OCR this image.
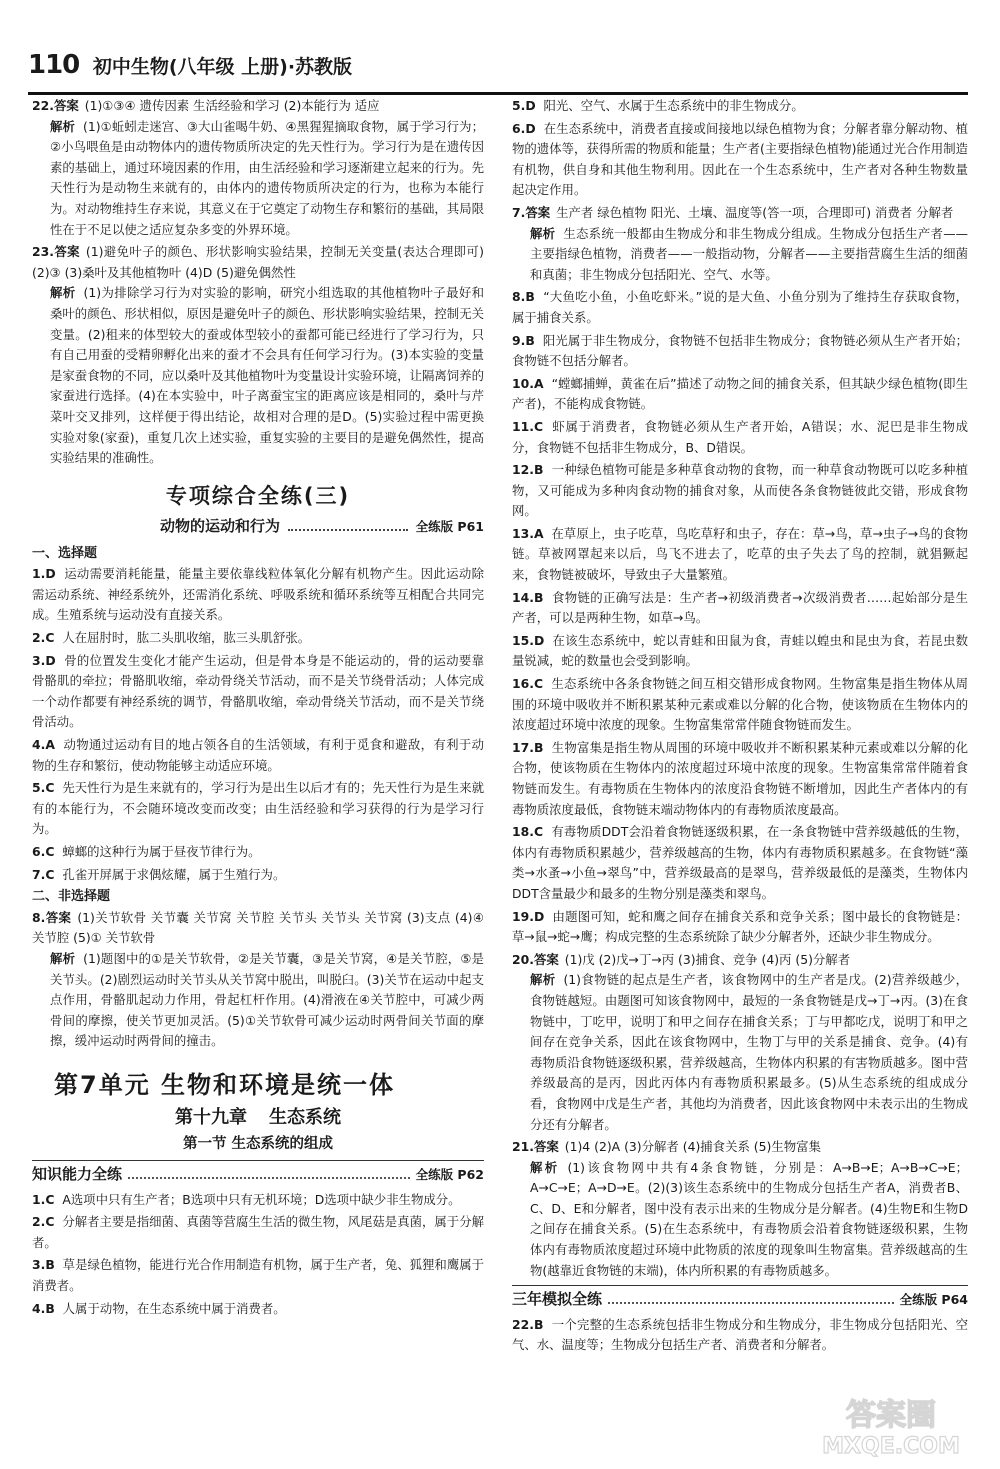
110 初中生物(八年级 上册)·苏教版
22.答案 (1)①③④ 遗传因素 生活经验和学习 (2)本能行为 适应
解析 (1)①蚯蚓走迷宫、③大山雀喝牛奶、④黑猩猩摘取食物，属于学习行为；②小鸟喂鱼是由动物体内的遗传物质所决定的先天性行为。学习行为是在遗传因素的基础上，通过环境因素的作用，由生活经验和学习逐渐建立起来的行为。先天性行为是动物生来就有的，由体内的遗传物质所决定的行为，也称为本能行为。对动物维持生存来说，其意义在于它奠定了动物生存和繁衍的基础，其局限性在于不足以使之适应复杂多变的外界环境。
23.答案 (1)避免叶子的颜色、形状影响实验结果，控制无关变量(表达合理即可) (2)③ (3)桑叶及其他植物叶 (4)D (5)避免偶然性
解析 (1)为排除学习行为对实验的影响，研究小组选取的其他植物叶子最好和桑叶的颜色、形状相似，原因是避免叶子的颜色、形状影响实验结果，控制无关变量。(2)租来的体型较大的蚕或体型较小的蚕都可能已经进行了学习行为，只有自己用蚕的受精卵孵化出来的蚕才不会具有任何学习行为。(3)本实验的变量是家蚕食物的不同，应以桑叶及其他植物叶为变量设计实验环境，让隔离饲养的家蚕进行选择。(4)在本实验中，叶子离蚕宝宝的距离应该是相同的，桑叶与芹菜叶交叉排列，这样便于得出结论，故相对合理的是D。(5)实验过程中需更换实验对象(家蚕)，重复几次上述实验，重复实验的主要目的是避免偶然性，提高实验结果的准确性。
专项综合全练(三)
动物的运动和行为	全练版 P61
一、选择题
1.D 运动需要消耗能量，能量主要依靠线粒体氧化分解有机物产生。因此运动除需运动系统、神经系统外，还需消化系统、呼吸系统和循环系统等互相配合共同完成。生殖系统与运动没有直接关系。
2.C 人在屈肘时，肱二头肌收缩，肱三头肌舒张。
3.D 骨的位置发生变化才能产生运动，但是骨本身是不能运动的，骨的运动要靠骨骼肌的牵拉；骨骼肌收缩，牵动骨绕关节活动，而不是关节绕骨活动；人体完成一个动作都要有神经系统的调节，骨骼肌收缩，牵动骨绕关节活动，而不是关节绕骨活动。
4.A 动物通过运动有目的地占领各自的生活领域，有利于觅食和避敌，有利于动物的生存和繁衍，使动物能够主动适应环境。
5.C 先天性行为是生来就有的，学习行为是出生以后才有的；先天性行为是生来就有的本能行为，不会随环境改变而改变；由生活经验和学习获得的行为是学习行为。
6.C 蟑螂的这种行为属于昼夜节律行为。
7.C 孔雀开屏属于求偶炫耀，属于生殖行为。
二、非选择题
8.答案 (1)关节软骨 关节囊 关节窝 关节腔 关节头 关节头 关节窝 (3)支点 (4)④ 关节腔 (5)① 关节软骨
解析 (1)题图中的①是关节软骨，②是关节囊，③是关节窝，④是关节腔，⑤是关节头。(2)剧烈运动时关节头从关节窝中脱出，叫脱臼。(3)关节在运动中起支点作用，骨骼肌起动力作用，骨起杠杆作用。(4)滑液在④关节腔中，可减少两骨间的摩擦，使关节更加灵活。(5)①关节软骨可减少运动时两骨间关节面的摩擦，缓冲运动时两骨间的撞击。
第7单元 生物和环境是统一体
第十九章 生态系统
第一节 生态系统的组成
知识能力全练	全练版 P62
1.C A选项中只有生产者；B选项中只有无机环境；D选项中缺少非生物成分。
2.C 分解者主要是指细菌、真菌等营腐生生活的微生物，风尾菇是真菌，属于分解者。
3.B 草是绿色植物，能进行光合作用制造有机物，属于生产者，兔、狐狸和鹰属于消费者。
4.B 人属于动物，在生态系统中属于消费者。
5.D 阳光、空气、水属于生态系统中的非生物成分。
6.D 在生态系统中，消费者直接或间接地以绿色植物为食；分解者靠分解动物、植物的遗体等，获得所需的物质和能量；生产者(主要指绿色植物)能通过光合作用制造有机物，供自身和其他生物利用。因此在一个生态系统中，生产者对各种生物数量起决定作用。
7.答案 生产者 绿色植物 阳光、土壤、温度等(答一项，合理即可) 消费者 分解者
解析 生态系统一般都由生物成分和非生物成分组成。生物成分包括生产者——主要指绿色植物，消费者——一般指动物，分解者——主要指营腐生生活的细菌和真菌；非生物成分包括阳光、空气、水等。
8.B “大鱼吃小鱼，小鱼吃虾米。”说的是大鱼、小鱼分别为了维持生存获取食物，属于捕食关系。
9.B 阳光属于非生物成分，食物链不包括非生物成分；食物链必须从生产者开始；食物链不包括分解者。
10.A “螳螂捕蝉，黄雀在后”描述了动物之间的捕食关系，但其缺少绿色植物(即生产者)，不能构成食物链。
11.C 虾属于消费者，食物链必须从生产者开始，A错误；水、泥巴是非生物成分，食物链不包括非生物成分，B、D错误。
12.B 一种绿色植物可能是多种草食动物的食物，而一种草食动物既可以吃多种植物，又可能成为多种肉食动物的捕食对象，从而使各条食物链彼此交错，形成食物网。
13.A 在草原上，虫子吃草，鸟吃草籽和虫子，存在：草→鸟，草→虫子→鸟的食物链。草被网罩起来以后，鸟飞不进去了，吃草的虫子失去了鸟的控制，就猖獗起来，食物链被破坏，导致虫子大量繁殖。
14.B 食物链的正确写法是：生产者→初级消费者→次级消费者……起始部分是生产者，可以是两种生物，如草→鸟。
15.D 在该生态系统中，蛇以青蛙和田鼠为食，青蛙以蝗虫和昆虫为食，若昆虫数量锐减，蛇的数量也会受到影响。
16.C 生态系统中各条食物链之间互相交错形成食物网。生物富集是指生物体从周围的环境中吸收并不断积累某种元素或难以分解的化合物，使该物质在生物体内的浓度超过环境中浓度的现象。生物富集常常伴随食物链而发生。
17.B 生物富集是指生物从周围的环境中吸收并不断积累某种元素或难以分解的化合物，使该物质在生物体内的浓度超过环境中浓度的现象。生物富集常常伴随着食物链而发生。有毒物质在生物体内的浓度沿食物链不断增加，因此生产者体内的有毒物质浓度最低，食物链末端动物体内的有毒物质浓度最高。
18.C 有毒物质DDT会沿着食物链逐级积累，在一条食物链中营养级越低的生物，体内有毒物质积累越少，营养级越高的生物，体内有毒物质积累越多。在食物链“藻类→水蚤→小鱼→翠鸟”中，营养级最高的是翠鸟，营养级最低的是藻类，生物体内DDT含量最少和最多的生物分别是藻类和翠鸟。
19.D 由题图可知，蛇和鹰之间存在捕食关系和竞争关系；图中最长的食物链是：草→鼠→蛇→鹰；构成完整的生态系统除了缺少分解者外，还缺少非生物成分。
20.答案 (1)戊 (2)戊→丁→丙 (3)捕食、竞争 (4)丙 (5)分解者
解析 (1)食物链的起点是生产者，该食物网中的生产者是戊。(2)营养级越少，食物链越短。由题图可知该食物网中，最短的一条食物链是戊→丁→丙。(3)在食物链中，丁吃甲，说明丁和甲之间存在捕食关系；丁与甲都吃戊，说明丁和甲之间存在竞争关系，因此在该食物网中，生物丁与甲的关系是捕食、竞争。(4)有毒物质沿食物链逐级积累，营养级越高，生物体内积累的有害物质越多。图中营养级最高的是丙，因此丙体内有毒物质积累最多。(5)从生态系统的组成成分看，食物网中戊是生产者，其他均为消费者，因此该食物网中未表示出的生物成分还有分解者。
21.答案 (1)4 (2)A (3)分解者 (4)捕食关系 (5)生物富集
解析 (1)该食物网中共有4条食物链，分别是：A→B→E；A→B→C→E；A→C→E；A→D→E。(2)(3)该生态系统中的生物成分包括生产者A，消费者B、C、D、E和分解者，图中没有表示出来的生物成分是分解者。(4)生物E和生物D之间存在捕食关系。(5)在生态系统中，有毒物质会沿着食物链逐级积累，生物体内有毒物质浓度超过环境中此物质的浓度的现象叫生物富集。营养级越高的生物(越靠近食物链的末端)，体内所积累的有毒物质越多。
三年模拟全练	全练版 P64
22.B 一个完整的生态系统包括非生物成分和生物成分，非生物成分包括阳光、空气、水、温度等；生物成分包括生产者、消费者和分解者。
答案圈
MXQE.COM
